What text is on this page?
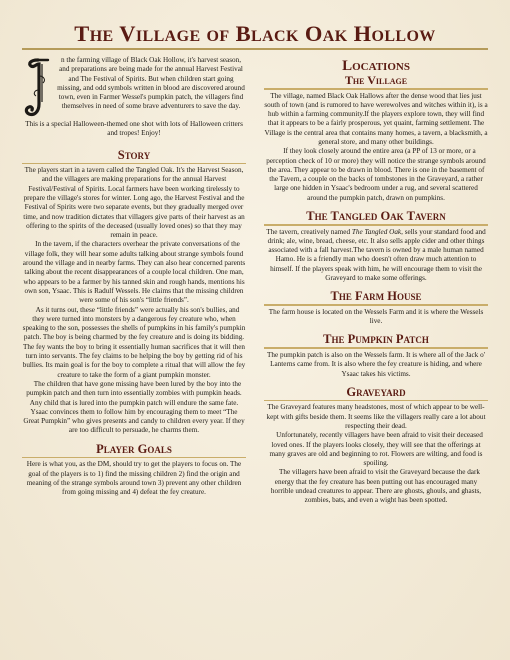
The Village of Black Oak Hollow

n the farming village of Black Oak Hollow, it's harvest season, and preparations are being made for the annual Harvest Festival and The Festival of Spirits. But when children start going missing, and odd symbols written in blood are discovered around town, even in Farmer Wessel's pumpkin patch, the villagers find themselves in need of some brave adventurers to save the day.

This is a special Halloween-themed one shot with lots of Halloween critters and tropes! Enjoy!

Story

The players start in a tavern called the Tangled Oak. It's the Harvest Season, and the villagers are making preparations for the annual Harvest Festival/Festival of Spirits. Local farmers have been working tirelessly to prepare the village's stores for winter. Long ago, the Harvest Festival and the Festival of Spirits were two separate events, but they gradually merged over time, and now tradition dictates that villagers give parts of their harvest as an offering to the spirits of the deceased (usually loved ones) so that they may remain in peace.

In the tavern, if the characters overhear the private conversations of the village folk, they will hear some adults talking about strange symbols found around the village and in nearby farms. They can also hear concerned parents talking about the recent disappearances of a couple local children. One man, who appears to be a farmer by his tanned skin and rough hands, mentions his own son, Ysaac. This is Radulf Wessels. He claims that the missing children were some of his son's “little friends”.

As it turns out, these “little friends” were actually his son's bullies, and they were turned into monsters by a dangerous fey creature who, when speaking to the son, possesses the shells of pumpkins in his family's pumpkin patch. The boy is being charmed by the fey creature and is doing its bidding. The fey wants the boy to bring it essentially human sacrifices that it will then turn into servants. The fey claims to be helping the boy by getting rid of his bullies. Its main goal is for the boy to complete a ritual that will allow the fey creature to take the form of a giant pumpkin monster.

The children that have gone missing have been lured by the boy into the pumpkin patch and then turn into essentially zombies with pumpkin heads. Any child that is lured into the pumpkin patch will endure the same fate. Ysaac convinces them to follow him by encouraging them to meet “The Great Pumpkin” who gives presents and candy to children every year. If they are too difficult to persuade, he charms them.

Player Goals

Here is what you, as the DM, should try to get the players to focus on. The goal of the players is to 1) find the missing children 2) find the origin and meaning of the strange symbols around town 3) prevent any other children from going missing and 4) defeat the fey creature.

Locations
The Village

The village, named Black Oak Hallows after the dense wood that lies just south of town (and is rumored to have werewolves and witches within it), is a hub within a farming community.If the players explore town, they will find that it appears to be a fairly prosperous, yet quaint, farming settlement. The Village is the central area that contains many homes, a tavern, a blacksmith, a general store, and many other buildings.

If they look closely around the entire area (a PP of 13 or more, or a perception check of 10 or more) they will notice the strange symbols around the area. They appear to be drawn in blood. There is one in the basement of the Tavern, a couple on the backs of tombstones in the Graveyard, a rather large one hidden in Ysaac's bedroom under a rug, and several scattered around the pumpkin patch, drawn on pumpkins.

The Tangled Oak Tavern

The tavern, creatively named The Tangled Oak, sells your standard food and drink; ale, wine, bread, cheese, etc. It also sells apple cider and other things associated with a fall harvest.The tavern is owned by a male human named Hamo. He is a friendly man who doesn't often draw much attention to himself. If the players speak with him, he will encourage them to visit the Graveyard to make some offerings.

The Farm House

The farm house is located on the Wessels Farm and it is where the Wessels live.

The Pumpkin Patch

The pumpkin patch is also on the Wessels farm. It is where all of the Jack o' Lanterns came from. It is also where the fey creature is hiding, and where Ysaac takes his victims.

Graveyard

The Graveyard features many headstones, most of which appear to be well-kept with gifts beside them. It seems like the villagers really care a lot about respecting their dead.

Unfortunately, recently villagers have been afraid to visit their deceased loved ones. If the players looks closely, they will see that the offerings at many graves are old and beginning to rot. Flowers are wilting, and food is spoiling.

The villagers have been afraid to visit the Graveyard because the dark energy that the fey creature has been putting out has encouraged many horrible undead creatures to appear. There are ghosts, ghouls, and ghasts, zombies, bats, and even a wight has been spotted.
